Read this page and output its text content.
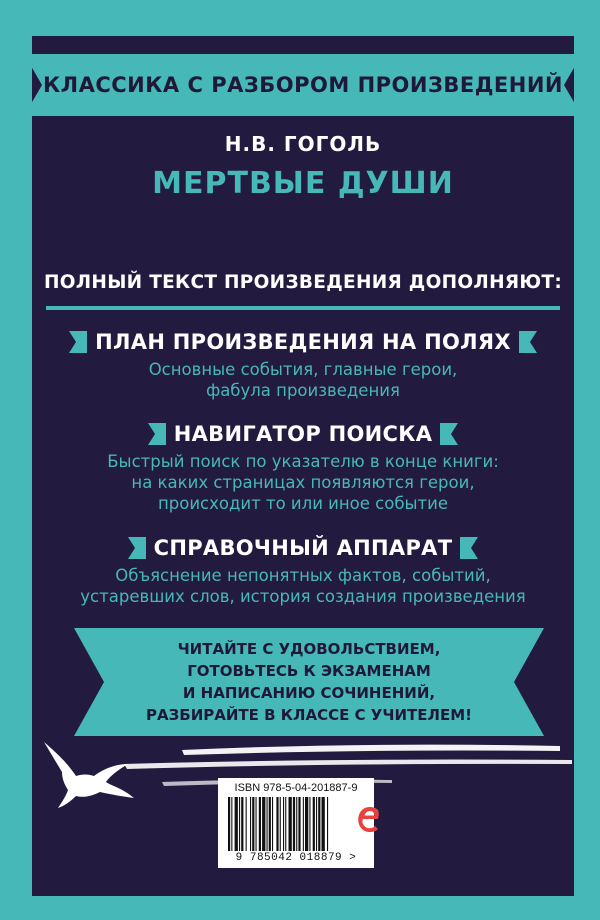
КЛАССИКА С РАЗБОРОМ ПРОИЗВЕДЕНИЙ
Н.В. ГОГОЛЬ
МЕРТВЫЕ ДУШИ
ПОЛНЫЙ ТЕКСТ ПРОИЗВЕДЕНИЯ ДОПОЛНЯЮТ:
ПЛАН ПРОИЗВЕДЕНИЯ НА ПОЛЯХ
Основные события, главные герои,
фабула произведения
НАВИГАТОР ПОИСКА
Быстрый поиск по указателю в конце книги:
на каких страницах появляются герои,
происходит то или иное событие
СПРАВОЧНЫЙ АППАРАТ
Объяснение непонятных фактов, событий,
устаревших слов, история создания произведения
ЧИТАЙТЕ С УДОВОЛЬСТВИЕМ,
ГОТОВЬТЕСЬ К ЭКЗАМЕНАМ
И НАПИСАНИЮ СОЧИНЕНИЙ,
РАЗБИРАЙТЕ В КЛАССЕ С УЧИТЕЛЕМ!
ISBN 978-5-04-201887-9
9 785042 018879 >
